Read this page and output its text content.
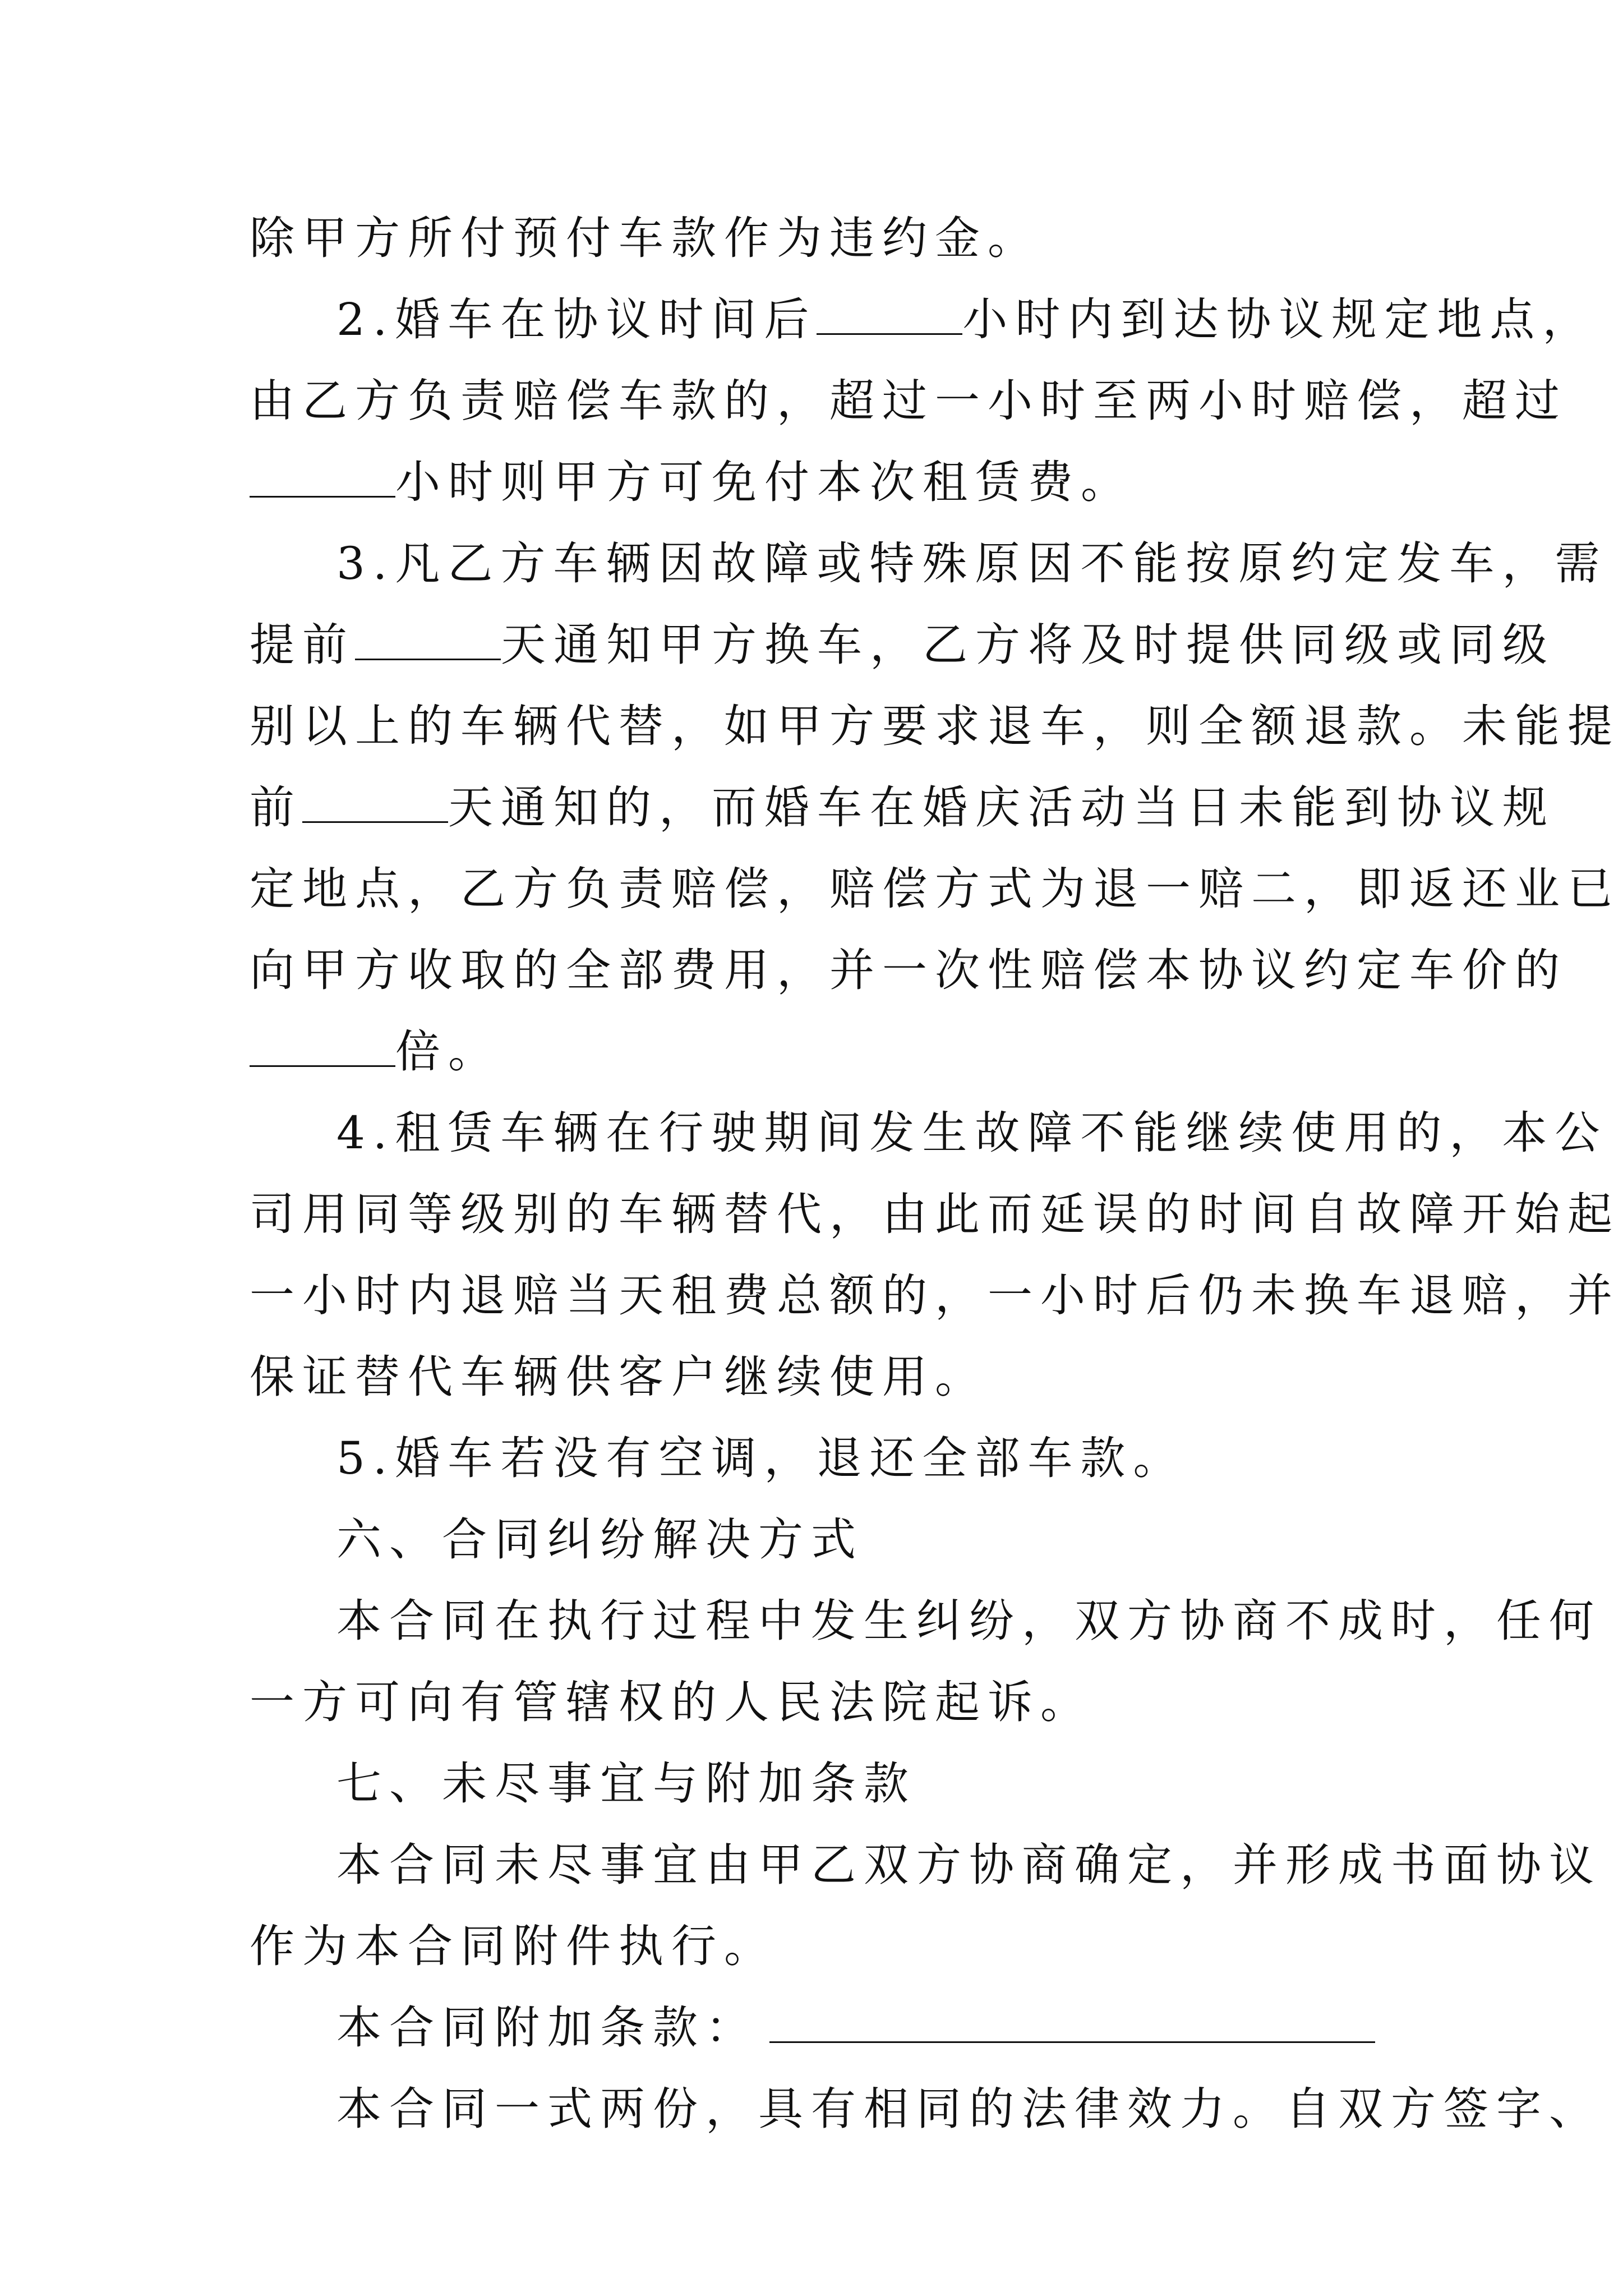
除甲方所付预付车款作为违约金。
2.婚车在协议时间后	小时内到达协议规定地点，
由乙方负责赔偿车款的，超过一小时至两小时赔偿，超过
小时则甲方可免付本次租赁费。
3.凡乙方车辆因故障或特殊原因不能按原约定发车，需
提前	天通知甲方换车，乙方将及时提供同级或同级
别以上的车辆代替，如甲方要求退车，则全额退款。未能提
前	天通知的，而婚车在婚庆活动当日未能到协议规
定地点，乙方负责赔偿，赔偿方式为退一赔二，即返还业已
向甲方收取的全部费用，并一次性赔偿本协议约定车价的
倍。
4.租赁车辆在行驶期间发生故障不能继续使用的，本公
司用同等级别的车辆替代，由此而延误的时间自故障开始起
一小时内退赔当天租费总额的，一小时后仍未换车退赔，并
保证替代车辆供客户继续使用。
5.婚车若没有空调，退还全部车款。
六、合同纠纷解决方式
本合同在执行过程中发生纠纷，双方协商不成时，任何
一方可向有管辖权的人民法院起诉。
七、未尽事宜与附加条款
本合同未尽事宜由甲乙双方协商确定，并形成书面协议
作为本合同附件执行。
本合同附加条款：
本合同一式两份，具有相同的法律效力。自双方签字、
